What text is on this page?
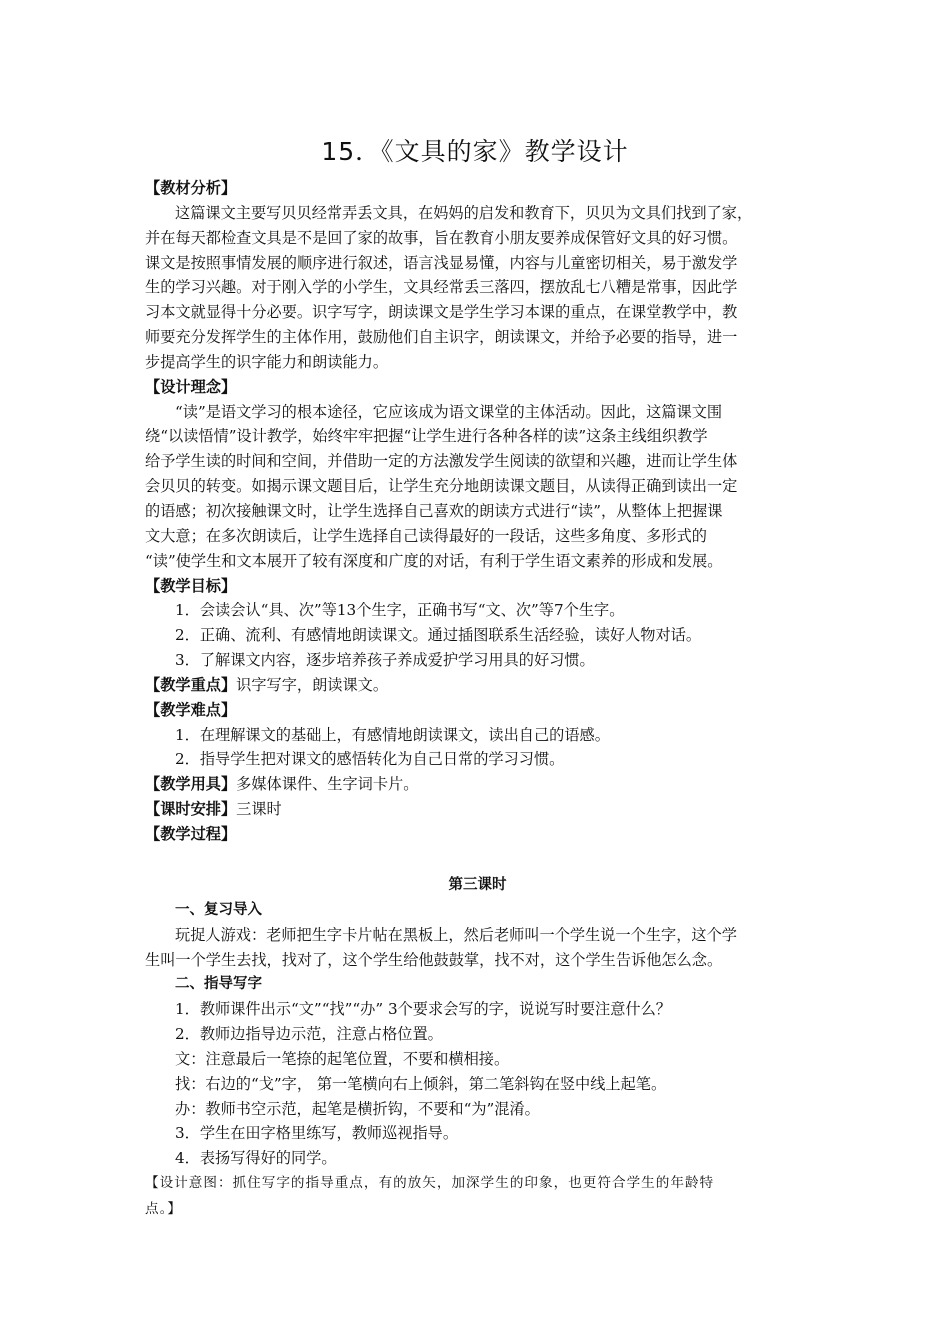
15．《文具的家》教学设计
【教材分析】
这篇课文主要写贝贝经常弄丢文具，在妈妈的启发和教育下，贝贝为文具们找到了家，
并在每天都检查文具是不是回了家的故事，旨在教育小朋友要养成保管好文具的好习惯。
课文是按照事情发展的顺序进行叙述，语言浅显易懂，内容与儿童密切相关，易于激发学
生的学习兴趣。对于刚入学的小学生，文具经常丢三落四，摆放乱七八糟是常事，因此学
习本文就显得十分必要。识字写字，朗读课文是学生学习本课的重点，在课堂教学中，教
师要充分发挥学生的主体作用，鼓励他们自主识字，朗读课文，并给予必要的指导，进一
步提高学生的识字能力和朗读能力。
【设计理念】
“读”是语文学习的根本途径，它应该成为语文课堂的主体活动。因此，这篇课文围
绕“以读悟情”设计教学，始终牢牢把握“让学生进行各种各样的读”这条主线组织教学
给予学生读的时间和空间，并借助一定的方法激发学生阅读的欲望和兴趣，进而让学生体
会贝贝的转变。如揭示课文题目后，让学生充分地朗读课文题目，从读得正确到读出一定
的语感；初次接触课文时，让学生选择自己喜欢的朗读方式进行“读”，从整体上把握课
文大意；在多次朗读后，让学生选择自己读得最好的一段话，这些多角度、多形式的
“读”使学生和文本展开了较有深度和广度的对话，有利于学生语文素养的形成和发展。
【教学目标】
1．会读会认“具、次”等13个生字，正确书写“文、次”等7个生字。
2．正确、流利、有感情地朗读课文。通过插图联系生活经验，读好人物对话。
3．了解课文内容，逐步培养孩子养成爱护学习用具的好习惯。
【教学重点】识字写字，朗读课文。
【教学难点】
1．在理解课文的基础上，有感情地朗读课文，读出自己的语感。
2．指导学生把对课文的感悟转化为自己日常的学习习惯。
【教学用具】多媒体课件、生字词卡片。
【课时安排】三课时
【教学过程】
第三课时
一、复习导入
玩捉人游戏：老师把生字卡片帖在黑板上，然后老师叫一个学生说一个生字，这个学
生叫一个学生去找，找对了，这个学生给他鼓鼓掌，找不对，这个学生告诉他怎么念。
二、指导写字
1．教师课件出示“文”“找”“办” 3个要求会写的字，说说写时要注意什么？
2．教师边指导边示范，注意占格位置。
文：注意最后一笔捺的起笔位置，不要和横相接。
找：右边的“戈”字， 第一笔横向右上倾斜，第二笔斜钩在竖中线上起笔。
办：教师书空示范，起笔是横折钩，不要和“为”混淆。
3．学生在田字格里练写，教师巡视指导。
4．表扬写得好的同学。
【设计意图：抓住写字的指导重点，有的放矢，加深学生的印象，也更符合学生的年龄特
点。】
